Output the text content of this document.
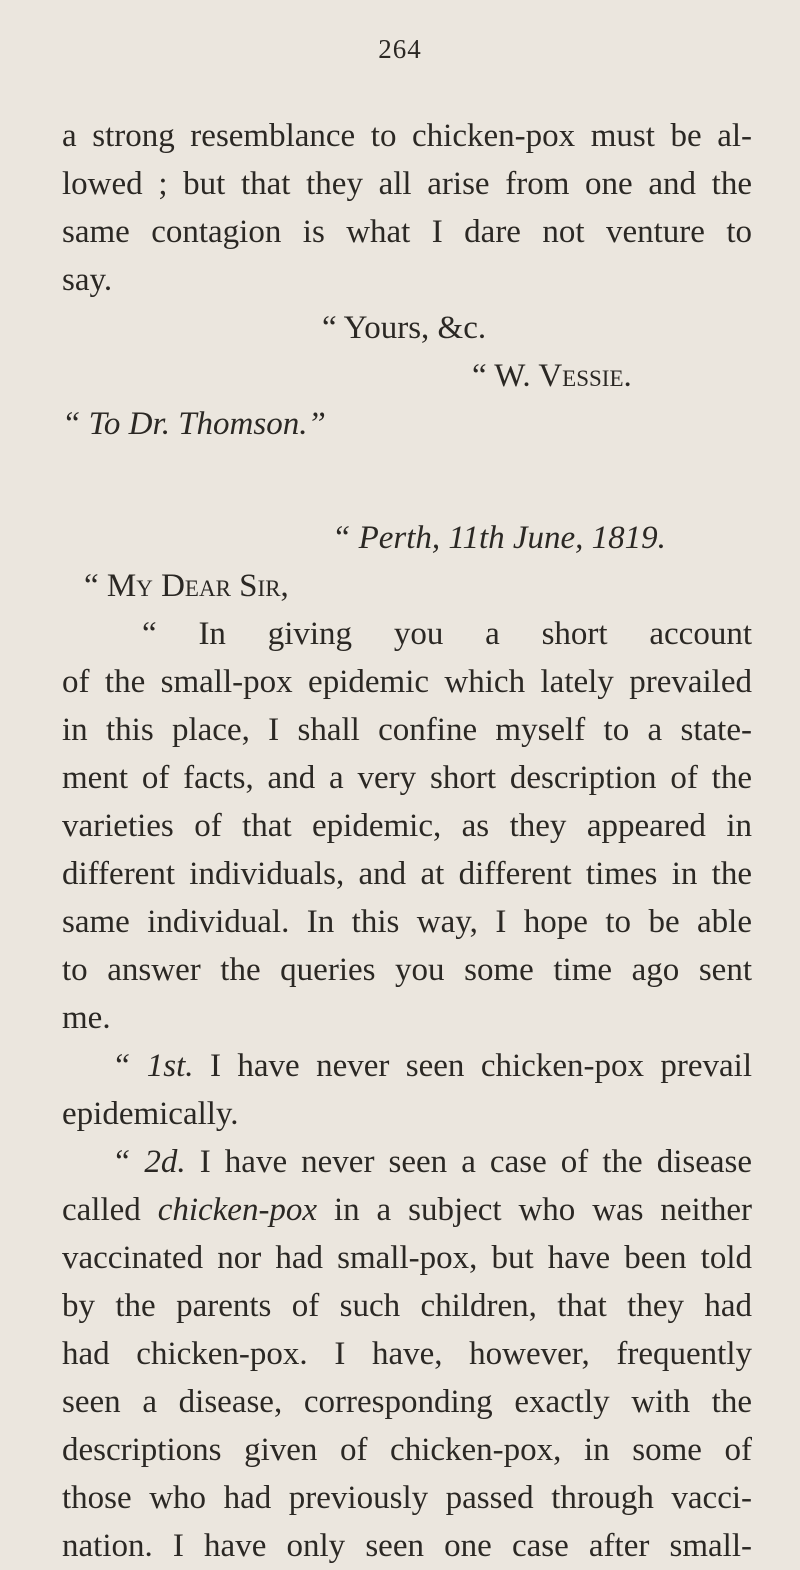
264
a strong resemblance to chicken-pox must be al-
lowed ; but that they all arise from one and the
same contagion is what I dare not venture to
say.
“ Yours, &c.
“ W. Vessie.
“ To Dr. Thomson.”
“ Perth, 11th June, 1819.
“ My Dear Sir,
“ In giving you a short account
of the small-pox epidemic which lately prevailed
in this place, I shall confine myself to a state-
ment of facts, and a very short description of the
varieties of that epidemic, as they appeared in
different individuals, and at different times in the
same individual. In this way, I hope to be able
to answer the queries you some time ago sent
me.
“ 1st. I have never seen chicken-pox prevail
epidemically.
“ 2d. I have never seen a case of the disease
called chicken-pox in a subject who was neither
vaccinated nor had small-pox, but have been told
by the parents of such children, that they had
had chicken-pox. I have, however, frequently
seen a disease, corresponding exactly with the
descriptions given of chicken-pox, in some of
those who had previously passed through vacci-
nation. I have only seen one case after small-
